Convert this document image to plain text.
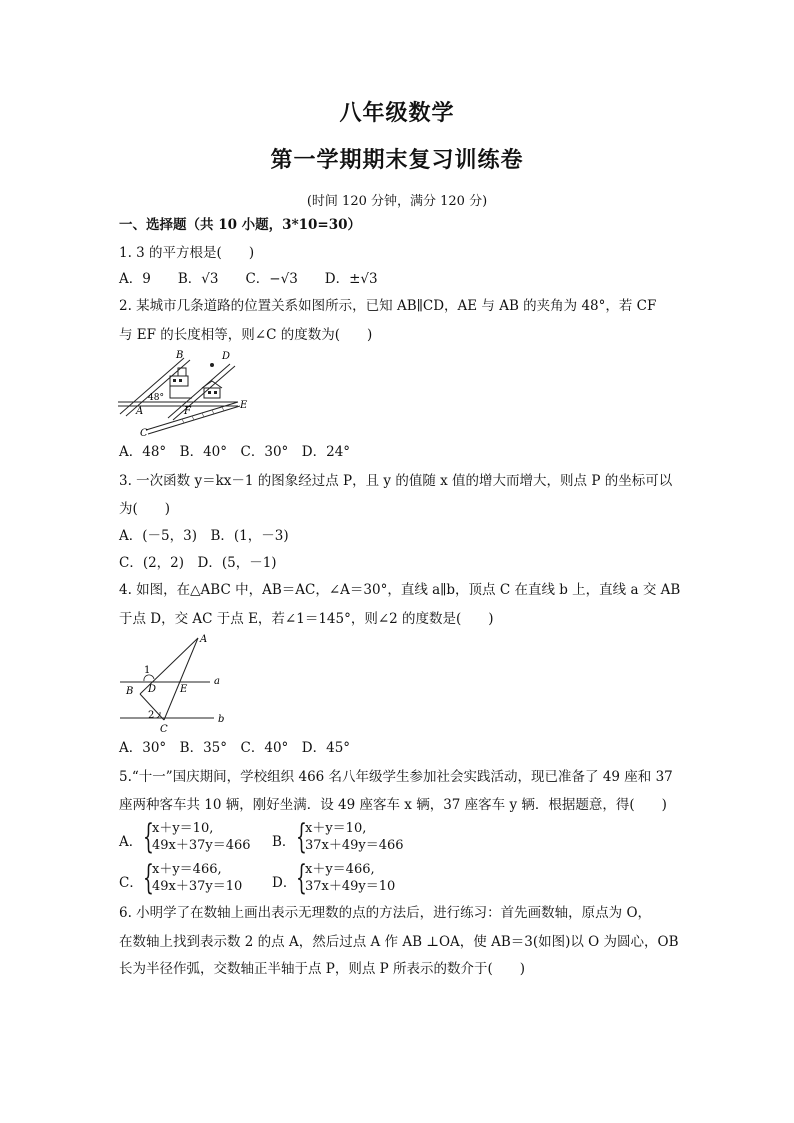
八年级数学
第一学期期末复习训练卷
(时间 120 分钟，满分 120 分)
一、选择题（共 10 小题，3*10=30）
1. 3 的平方根是(　　)
A．9　　B．√3　　C．−√3　　D．±√3
2. 某城市几条道路的位置关系如图所示，已知 AB∥CD，AE 与 AB 的夹角为 48°，若 CF
与 EF 的长度相等，则∠C 的度数为(　　)
B	D
A
C
E
F
48°
A．48°　B．40°　C．30°　D．24°
3. 一次函数 y＝kx－1 的图象经过点 P，且 y 的值随 x 值的增大而增大，则点 P 的坐标可以
为(　　)
A．(－5，3)　B．(1，－3)
C．(2，2)　D．(5，－1)
4. 如图，在△ABC 中，AB＝AC，∠A＝30°，直线 a∥b，顶点 C 在直线 b 上，直线 a 交 AB
于点 D，交 AC 于点 E，若∠1＝145°，则∠2 的度数是(　　)
A
B
C
D E
a
b
1
2
A．30°　B．35°　C．40°　D．45°
5.“十一”国庆期间，学校组织 466 名八年级学生参加社会实践活动，现已准备了 49 座和 37
座两种客车共 10 辆，刚好坐满．设 49 座客车 x 辆，37 座客车 y 辆．根据题意，得(　　)
A． {
x＋y＝10,
49x＋37y＝466 B． {
x＋y＝10,
37x＋49y＝466
C． {
x＋y＝466,
49x＋37y＝10 D． {
x＋y＝466,
37x＋49y＝10
6. 小明学了在数轴上画出表示无理数的点的方法后，进行练习：首先画数轴，原点为 O，
在数轴上找到表示数 2 的点 A，然后过点 A 作 AB ⊥OA，使 AB＝3(如图)以 O 为圆心，OB
长为半径作弧，交数轴正半轴于点 P，则点 P 所表示的数介于(　　)
